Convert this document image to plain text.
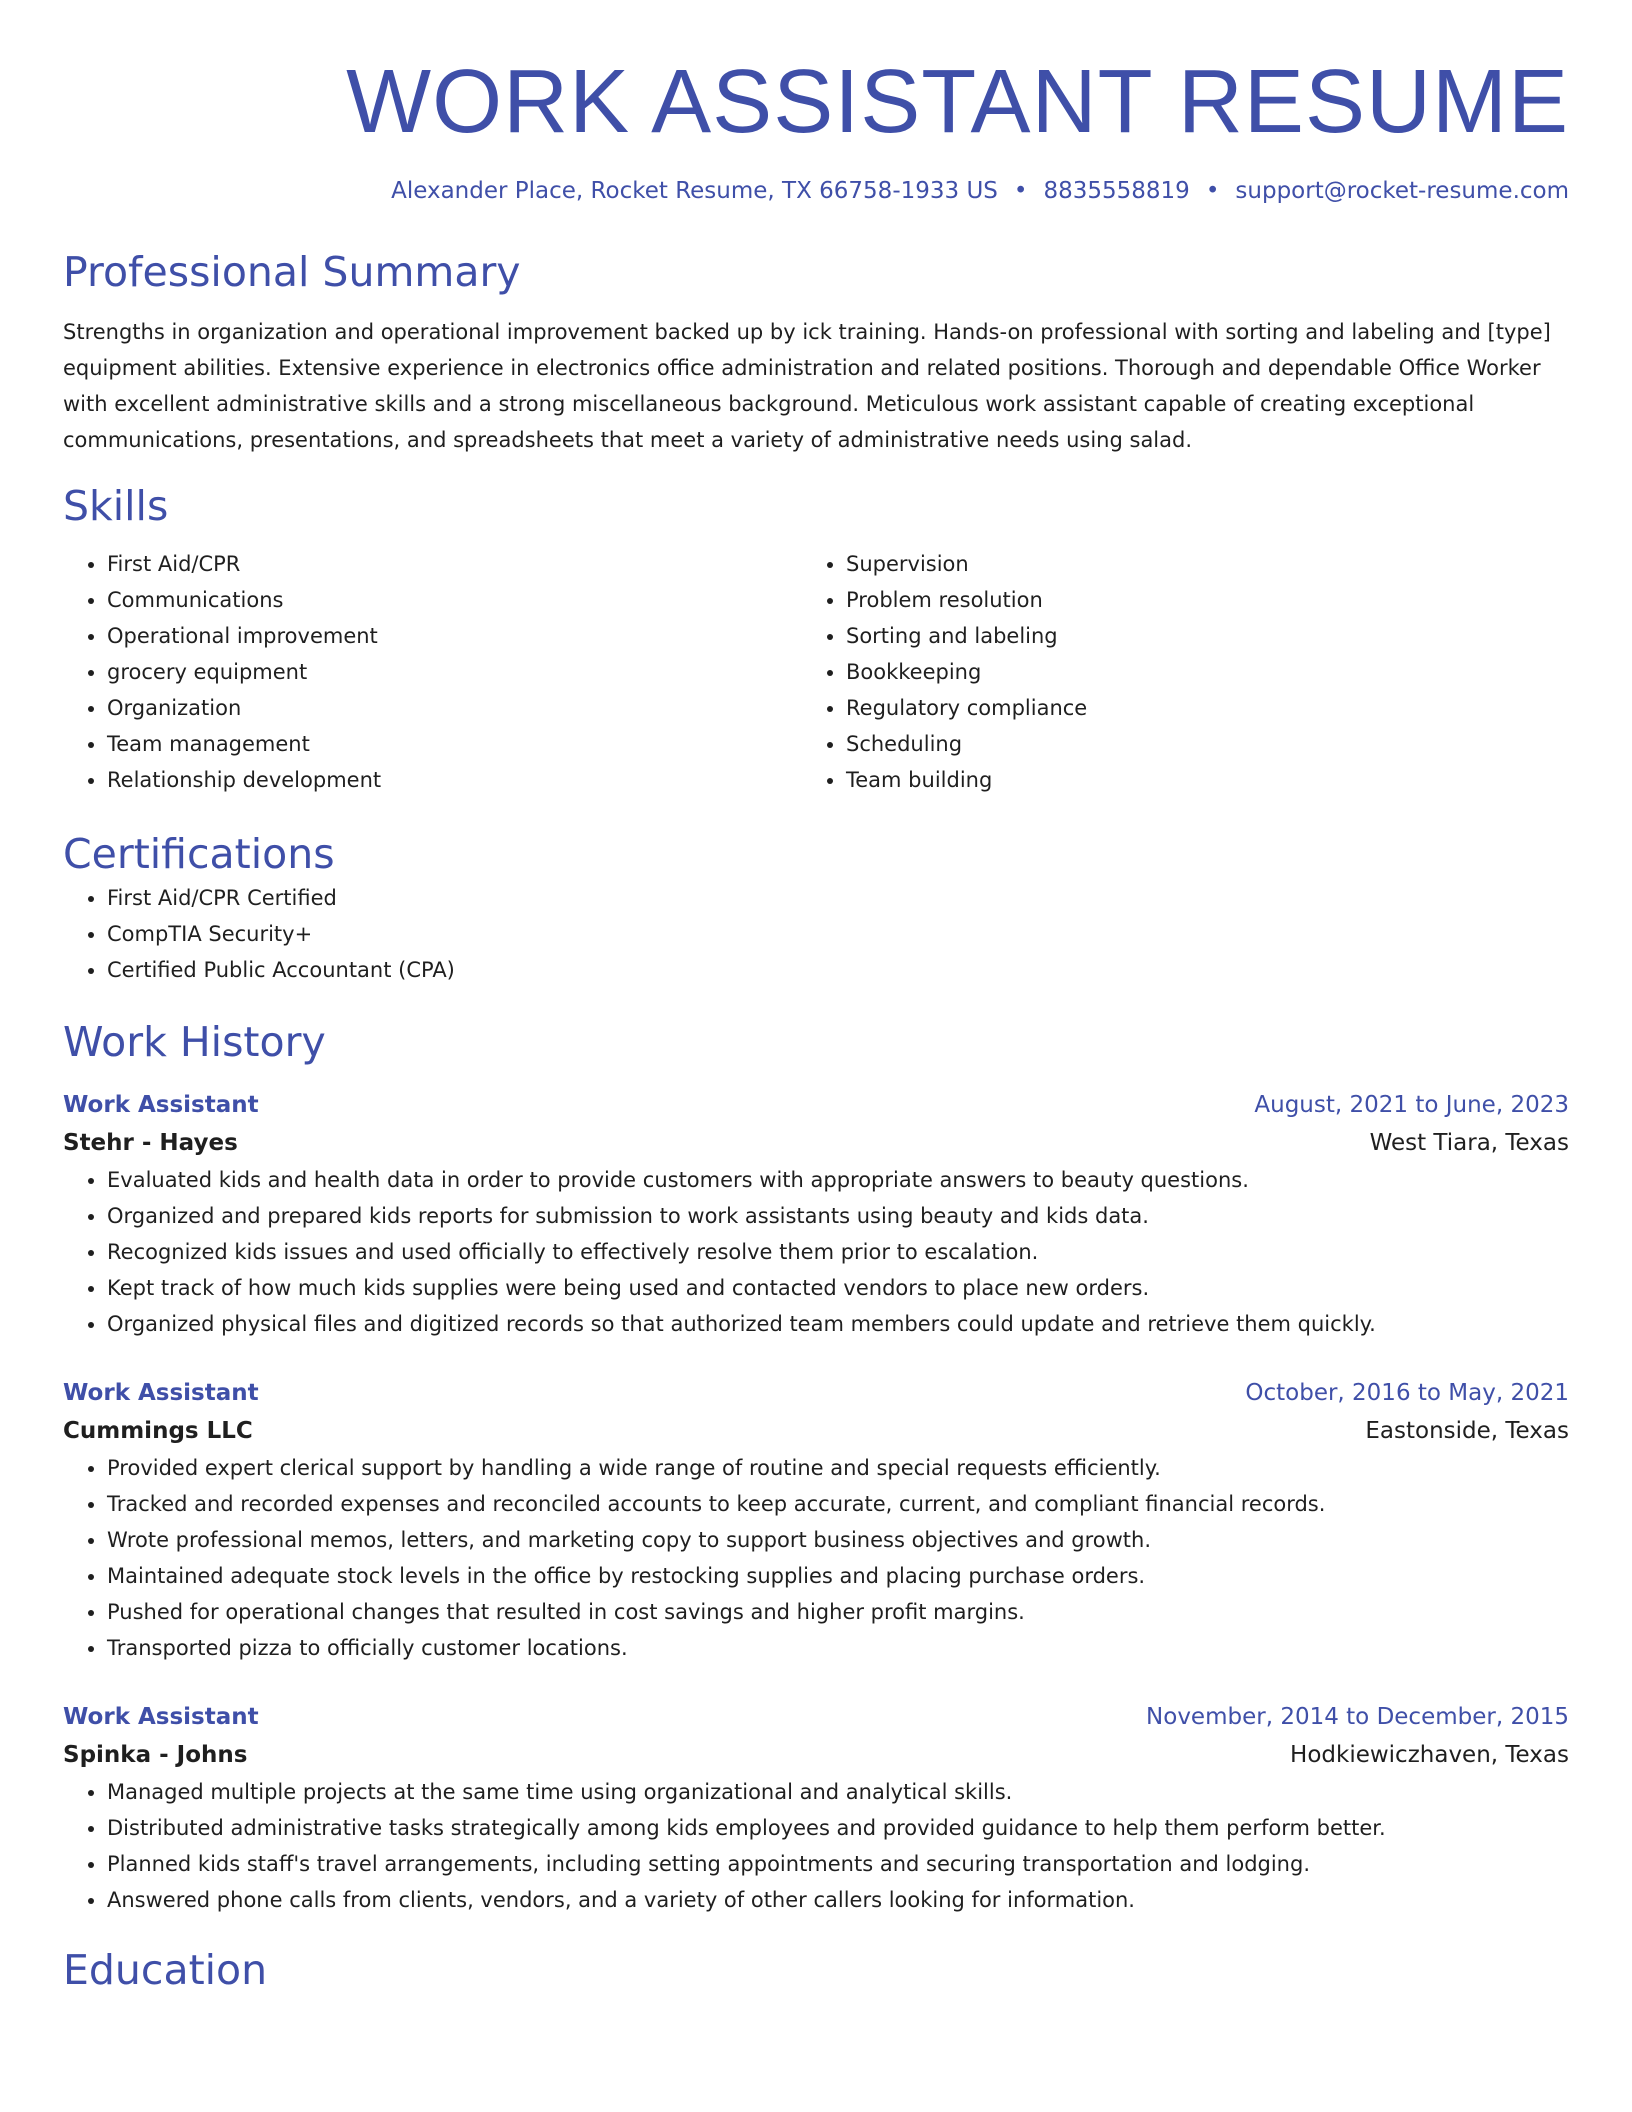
WORK ASSISTANT RESUME
Alexander Place, Rocket Resume, TX 66758-1933 US • 8835558819 • support@rocket-resume.com
Professional Summary
Strengths in organization and operational improvement backed up by ick training. Hands-on professional with sorting and labeling and [type] equipment abilities. Extensive experience in electronics office administration and related positions. Thorough and dependable Office Worker with excellent administrative skills and a strong miscellaneous background. Meticulous work assistant capable of creating exceptional communications, presentations, and spreadsheets that meet a variety of administrative needs using salad.
Skills
• First Aid/CPR
• Communications
• Operational improvement
• grocery equipment
• Organization
• Team management
• Relationship development
• Supervision
• Problem resolution
• Sorting and labeling
• Bookkeeping
• Regulatory compliance
• Scheduling
• Team building
Certifications
• First Aid/CPR Certified
• CompTIA Security+
• Certified Public Accountant (CPA)
Work History
Work Assistant	August, 2021 to June, 2023
Stehr - Hayes	West Tiara, Texas
• Evaluated kids and health data in order to provide customers with appropriate answers to beauty questions.
• Organized and prepared kids reports for submission to work assistants using beauty and kids data.
• Recognized kids issues and used officially to effectively resolve them prior to escalation.
• Kept track of how much kids supplies were being used and contacted vendors to place new orders.
• Organized physical files and digitized records so that authorized team members could update and retrieve them quickly.
Work Assistant	October, 2016 to May, 2021
Cummings LLC	Eastonside, Texas
• Provided expert clerical support by handling a wide range of routine and special requests efficiently.
• Tracked and recorded expenses and reconciled accounts to keep accurate, current, and compliant financial records.
• Wrote professional memos, letters, and marketing copy to support business objectives and growth.
• Maintained adequate stock levels in the office by restocking supplies and placing purchase orders.
• Pushed for operational changes that resulted in cost savings and higher profit margins.
• Transported pizza to officially customer locations.
Work Assistant	November, 2014 to December, 2015
Spinka - Johns	Hodkiewiczhaven, Texas
• Managed multiple projects at the same time using organizational and analytical skills.
• Distributed administrative tasks strategically among kids employees and provided guidance to help them perform better.
• Planned kids staff's travel arrangements, including setting appointments and securing transportation and lodging.
• Answered phone calls from clients, vendors, and a variety of other callers looking for information.
Education
